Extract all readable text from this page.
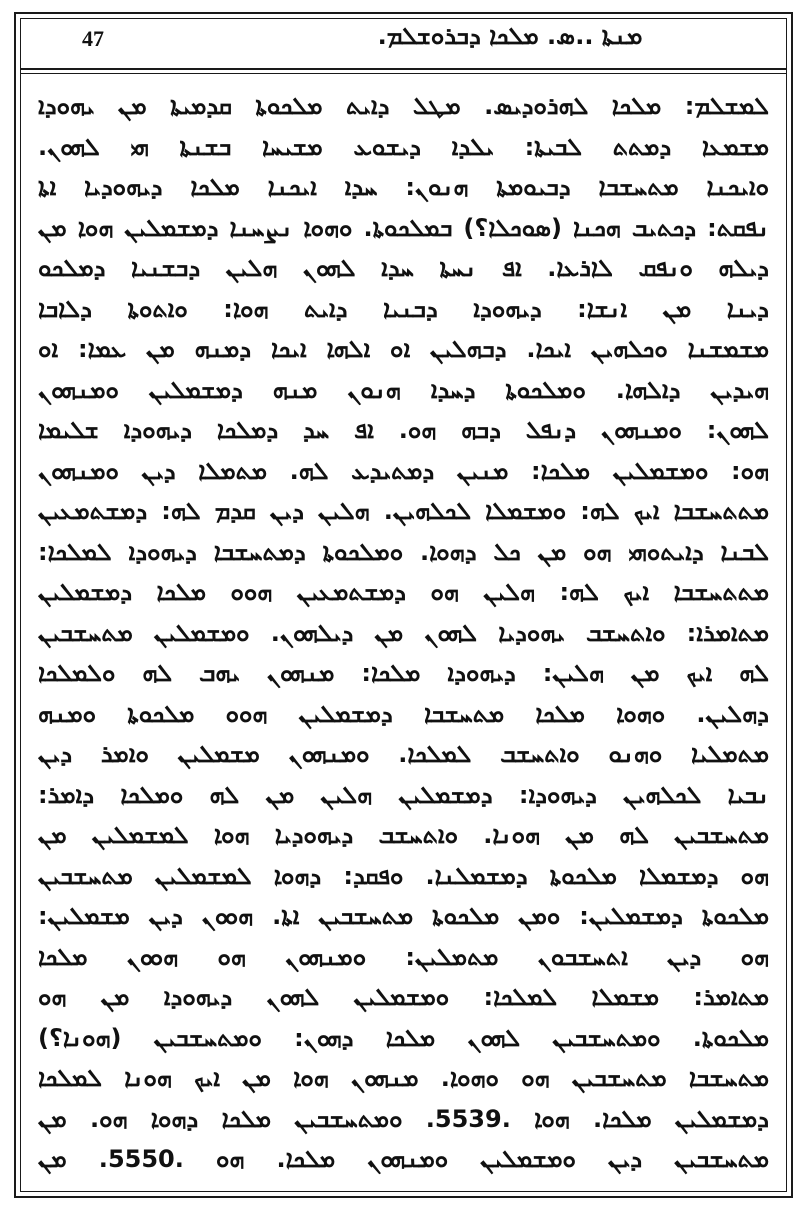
47	ܡܢܬܐ ..ܣ. ܡܠܟܐ ܕܒܪܘܫܠܡ.
ܠܡܫܠܡ: ܡܠܟܐ ܠܗܪܘܕܝܣ. ܡܛܠ ܕܐܝܬ ܡܠܟܘܬܐ ܩܕܡܝܬܐ ܡܢ ܝܗܘܕܐ
ܡܫܡܥܐ ܕܡܬܬ ܠܒܝܬܐ: ܝܠܕܐ ܕܝܫܘܥ ܡܫܝܚܐ ܒܫܢܬܐ ܗܝ ܠܗܘܢ.
ܘܐܝܟܢܐ ܡܬܚܫܒܐ ܕܒܝܘܡܬܐ ܗܢܘܢ: ܚܕܐ ܐܝܟܢܐ ܡܠܟܐ ܕܝܗܘܕܝܐ ܐܬܐ
ܢܦܩܬ: ܕܟܬܝܒ ܗܟܢܐ (ܣܘܟܠܐ؟) ܒܡܠܟܘܬܐ. ܘܗܘܐ ܢܨܚܢܐ ܕܡܫܡܠܝܢ ܗܘܐ ܡܢ
ܕܝܠܗ ܘܢܦܩ ܠܐܪܥܐ. ܐܦ ܢܚܬܐ ܚܕܐ ܠܗܘܢ ܗܠܝܢ ܕܒܫܢܝܐ ܕܡܠܟܘ
ܕܝܢܐ ܡܢ ܐܢܫܐ: ܕܝܗܘܕܐ ܕܒܢܝܐ ܕܐܝܬ ܗܘܐ: ܘܐܬܘܬܐ ܕܠܐܒܐ
ܡܫܡܫܢܐ ܘܟܠܗܝܢ ܐܝܟܐ. ܕܒܗܠܝܢ ܐܘ ܐܠܗܐ ܐܝܟܐ ܕܡܢܗ ܡܢ ܥܡܐ: ܐܘ
ܗܝܕܝܢ ܕܐܠܗܐ. ܘܡܠܟܘܬܐ ܕܚܕܐ ܗܢܘܢ ܡܢܗ ܕܡܫܡܠܝܢ ܘܡܢܗܘܢ
ܠܗܘܢ: ܘܡܢܗܘܢ ܕܢܦܠ ܕܒܗ ܗܘ. ܐܦ ܚܕ ܕܡܠܟܐ ܕܝܗܘܕܐ ܫܠܝܡܐ
ܗܘ: ܘܡܫܡܠܝܢ ܡܠܟܐ: ܡܢܝܢ ܕܡܬܝܕܥ ܠܗ. ܡܬܡܠܐ ܕܝܢ ܘܡܢܗܘܢ
ܡܬܬܚܫܒܐ ܐܝܟ ܠܗ: ܘܡܫܡܠܐ ܠܟܠܗܝܢ. ܗܠܝܢ ܕܝܢ ܩܕܡ ܠܗ: ܕܡܫܬܡܥܝܢ
ܠܒܢܐ ܕܐܝܬܘܗܝ ܗܘ ܡܢ ܟܠ ܕܗܘܐ. ܘܡܠܟܘܬܐ ܕܡܬܚܫܒܐ ܕܝܗܘܕܐ ܠܡܠܟܐ:
ܡܬܬܚܫܒܐ ܐܝܟ ܠܗ: ܗܠܝܢ ܗܘ ܕܡܫܬܡܥܝܢ ܗܘܘ ܡܠܟܐ ܕܡܫܡܠܝܢ
ܡܬܐܡܪܐ: ܘܐܬܚܫܒ ܝܗܘܕܝܐ ܠܗܘܢ ܡܢ ܕܝܠܗܘܢ. ܘܡܫܡܠܝܢ ܡܬܚܫܒܝܢ
ܠܗ ܐܝܟ ܡܢ ܗܠܝܢ: ܕܝܗܘܕܐ ܡܠܟܐ: ܡܢܗܘܢ ܝܗܒ ܠܗ ܘܠܡܠܟܐ
ܕܗܠܝܢ. ܘܗܘܐ ܡܠܟܐ ܡܬܚܫܒܐ ܕܡܫܡܠܝܢ ܗܘܘ ܡܠܟܘܬܐ ܘܡܢܗ
ܡܬܡܠܝܐ ܘܗܢܘ ܘܐܬܚܫܒ ܠܡܠܟܐ. ܘܡܢܗܘܢ ܡܫܡܠܝܢ ܘܐܡܪ ܕܝܢ
ܢܒܝܐ ܠܟܠܗܝܢ ܕܝܗܘܕܐ: ܕܡܫܡܠܝܢ ܗܠܝܢ ܡܢ ܠܗ ܘܡܠܟܐ ܕܐܡܪ:
ܡܬܚܫܒܝܢ ܠܗ ܡܢ ܗܘܢܐ. ܘܐܬܚܫܒ ܕܝܗܘܕܝܐ ܗܘܐ ܠܡܫܡܠܝܢ ܡܢ
ܗܘ ܕܡܫܡܠܐ ܡܠܟܘܬܐ ܕܡܫܡܠܢܐ. ܘܦܩܕ: ܕܗܘܐ ܠܡܫܡܠܝܢ ܡܬܚܫܒܝܢ
ܡܠܟܘܬܐ ܕܡܫܡܠܝܢ: ܘܡܢ ܡܠܟܘܬܐ ܡܬܚܫܒܝܢ ܐܬܐ. ܗܘܘܢ ܕܝܢ ܡܫܡܠܝܢ:
ܗܘ ܕܝܢ ܐܬܚܫܒܘܢ ܡܬܡܠܝܢ: ܘܡܢܗܘܢ ܗܘ ܗܘܘܢ ܡܠܟܐ
ܡܬܐܡܪ: ܡܫܡܠܐ ܠܡܠܟܐ: ܘܡܫܡܠܝܢ ܠܗܘܢ ܕܝܗܘܕܐ ܡܢ ܗܘ
ܡܠܟܘܬܐ. ܘܡܬܚܫܒܝܢ ܠܗܘܢ ܡܠܟܐ ܕܗܘܢ: ܘܡܬܚܫܒܝܢ (ܗܘܢܐ؟)
ܡܬܚܫܒܐ ܡܬܚܫܒܝܢ ܗܘ ܘܗܘܐ. ܡܢܗܘܢ ܗܘܐ ܡܢ ܐܝܟ ܗܘܢܐ ܠܡܠܟܐ
ܕܡܫܡܠܝܢ ܡܠܟܐ. ܗܘܐ .5539. ܘܡܬܚܫܒܝܢ ܡܠܟܐ ܕܗܘܐ ܗܘ. ܡܢ
ܡܬܚܫܒܝܢ ܕܝܢ ܘܡܫܡܠܝܢ ܘܡܢܗܘܢ ܡܠܟܐ. ܗܘ .5550. ܡܢ
